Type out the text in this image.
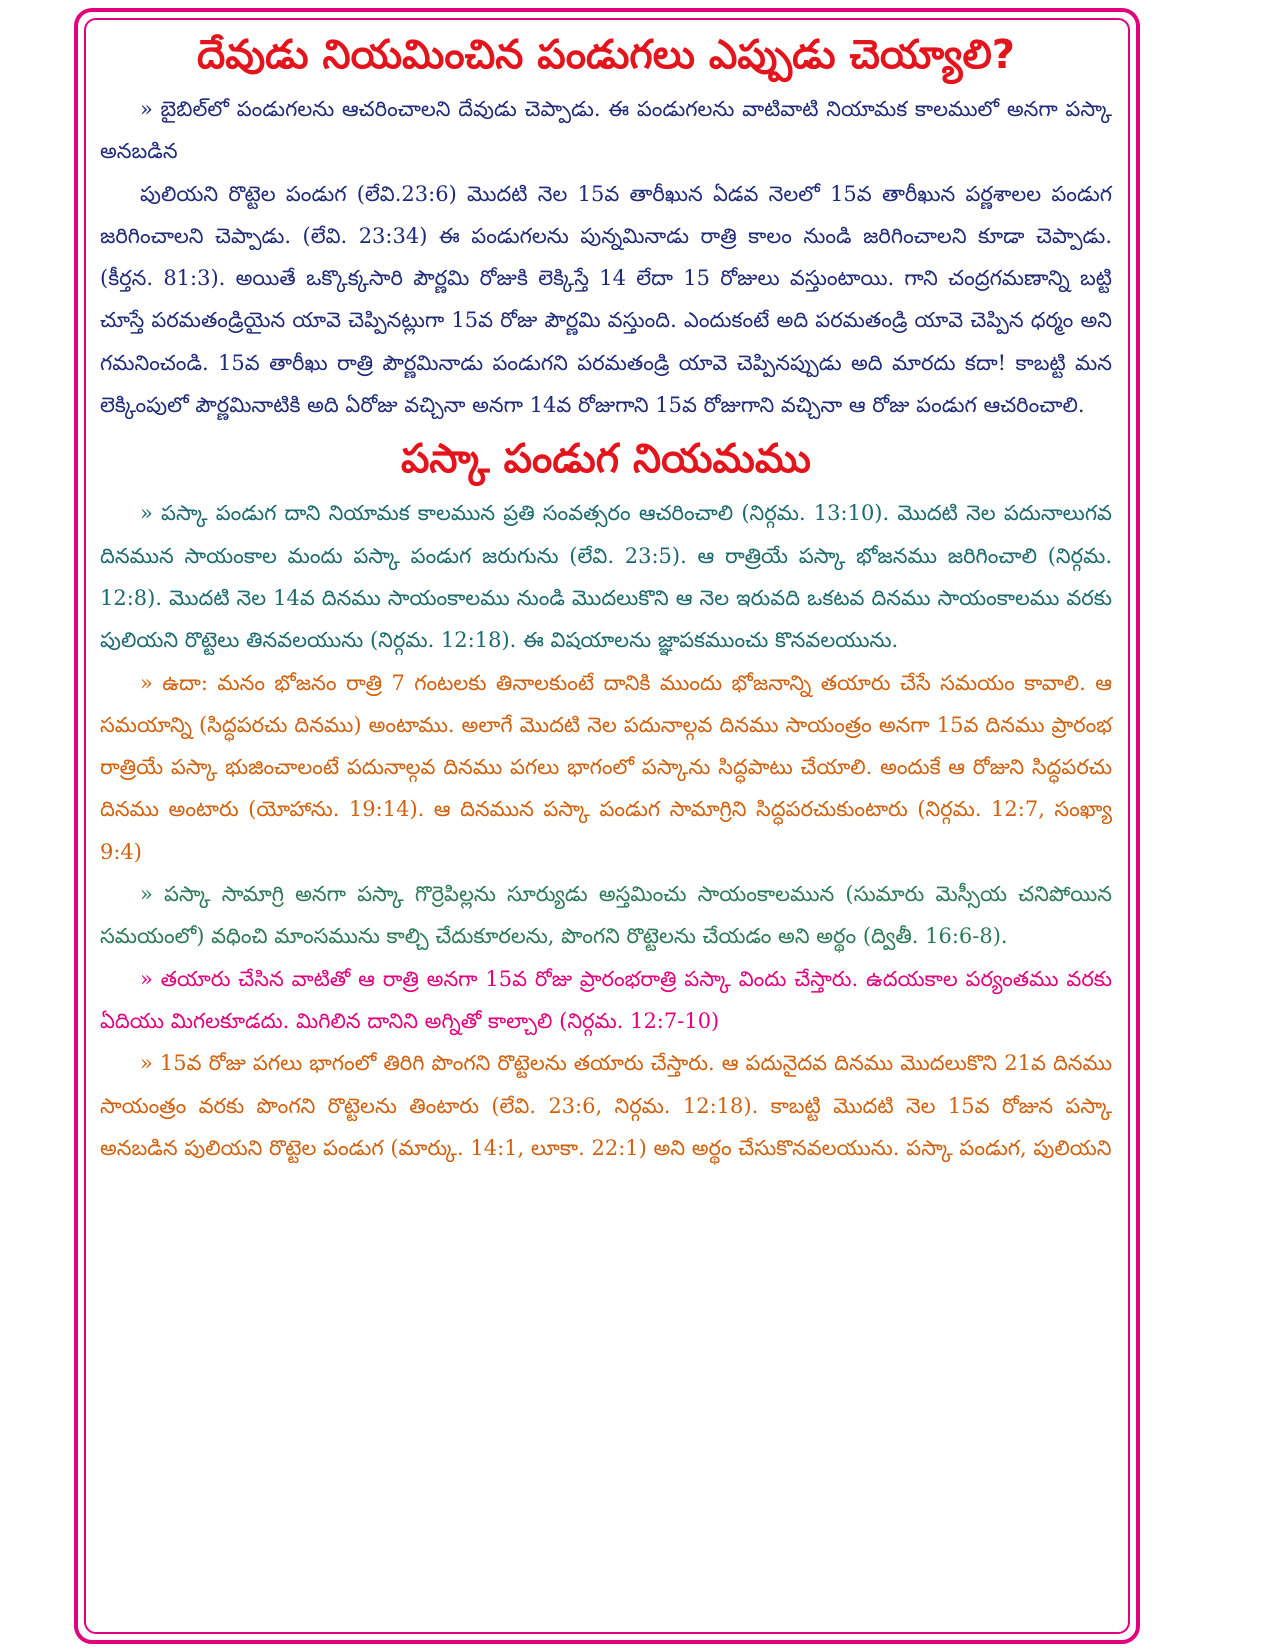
దేవుడు నియమించిన పండుగలు ఎప్పుడు చెయ్యాలి?

» బైబిల్‌లో పండుగలను ఆచరించాలని దేవుడు చెప్పాడు. ఈ పండుగలను వాటివాటి నియామక కాలములో అనగా పస్కా అనబడిన

పులియని రొట్టెల పండుగ (లేవి.23:6) మొదటి నెల 15వ తారీఖున ఏడవ నెలలో 15వ తారీఖున పర్ణశాలల పండుగ జరిగించాలని చెప్పాడు. (లేవి. 23:34) ఈ పండుగలను పున్నమినాడు రాత్రి కాలం నుండి జరిగించాలని కూడా చెప్పాడు. (కీర్తన. 81:3). అయితే ఒక్కొక్కసారి పౌర్ణమి రోజుకి లెక్కిస్తే 14 లేదా 15 రోజులు వస్తుంటాయి. గాని చంద్రగమణాన్ని బట్టి చూస్తే పరమతండ్రియైన యావె చెప్పినట్లుగా 15వ రోజు పౌర్ణమి వస్తుంది. ఎందుకంటే అది పరమతండ్రి యావె చెప్పిన ధర్మం అని గమనించండి. 15వ తారీఖు రాత్రి పౌర్ణమినాడు పండుగని పరమతండ్రి యావె చెప్పినప్పుడు అది మారదు కదా! కాబట్టి మన లెక్కింపులో పౌర్ణమినాటికి అది ఏరోజు వచ్చినా అనగా 14వ రోజుగాని 15వ రోజుగాని వచ్చినా ఆ రోజు పండుగ ఆచరించాలి.

పస్కా పండుగ నియమము

» పస్కా పండుగ దాని నియామక కాలమున ప్రతి సంవత్సరం ఆచరించాలి (నిర్గమ. 13:10). మొదటి నెల పదునాలుగవ దినమున సాయంకాల మందు పస్కా పండుగ జరుగును (లేవి. 23:5). ఆ రాత్రియే పస్కా భోజనము జరిగించాలి (నిర్గమ. 12:8). మొదటి నెల 14వ దినము సాయంకాలము నుండి మొదలుకొని ఆ నెల ఇరువది ఒకటవ దినము సాయంకాలము వరకు పులియని రొట్టెలు తినవలయును (నిర్గమ. 12:18). ఈ విషయాలను జ్ఞాపకముంచు కొనవలయును.

» ఉదా: మనం భోజనం రాత్రి 7 గంటలకు తినాలకుంటే దానికి ముందు భోజనాన్ని తయారు చేసే సమయం కావాలి. ఆ సమయాన్ని (సిద్ధపరచు దినము) అంటాము. అలాగే మొదటి నెల పదునాల్గవ దినము సాయంత్రం అనగా 15వ దినము ప్రారంభ రాత్రియే పస్కా భుజించాలంటే పదునాల్గవ దినము పగలు భాగంలో పస్కాను సిద్ధపాటు చేయాలి. అందుకే ఆ రోజుని సిద్ధపరచు దినము అంటారు (యోహాను. 19:14). ఆ దినమున పస్కా పండుగ సామాగ్రిని సిద్ధపరచుకుంటారు (నిర్గమ. 12:7, సంఖ్యా 9:4)

» పస్కా సామాగ్రి అనగా పస్కా గొర్రెపిల్లను సూర్యుడు అస్తమించు సాయంకాలమున (సుమారు మెస్సీయ చనిపోయిన సమయంలో) వధించి మాంసమును కాల్చి చేదుకూరలను, పొంగని రొట్టెలను చేయడం అని అర్థం (ద్వితీ. 16:6-8).

» తయారు చేసిన వాటితో ఆ రాత్రి అనగా 15వ రోజు ప్రారంభరాత్రి పస్కా విందు చేస్తారు. ఉదయకాల పర్యంతము వరకు ఏదియు మిగలకూడదు. మిగిలిన దానిని అగ్నితో కాల్చాలి (నిర్గమ. 12:7-10)

» 15వ రోజు పగలు భాగంలో తిరిగి పొంగని రొట్టెలను తయారు చేస్తారు. ఆ పదునైదవ దినము మొదలుకొని 21వ దినము సాయంత్రం వరకు పొంగని రొట్టెలను తింటారు (లేవి. 23:6, నిర్గమ. 12:18). కాబట్టి మొదటి నెల 15వ రోజున పస్కా అనబడిన పులియని రొట్టెల పండుగ (మార్కు. 14:1, లూకా. 22:1) అని అర్థం చేసుకొనవలయును. పస్కా పండుగ, పులియని
